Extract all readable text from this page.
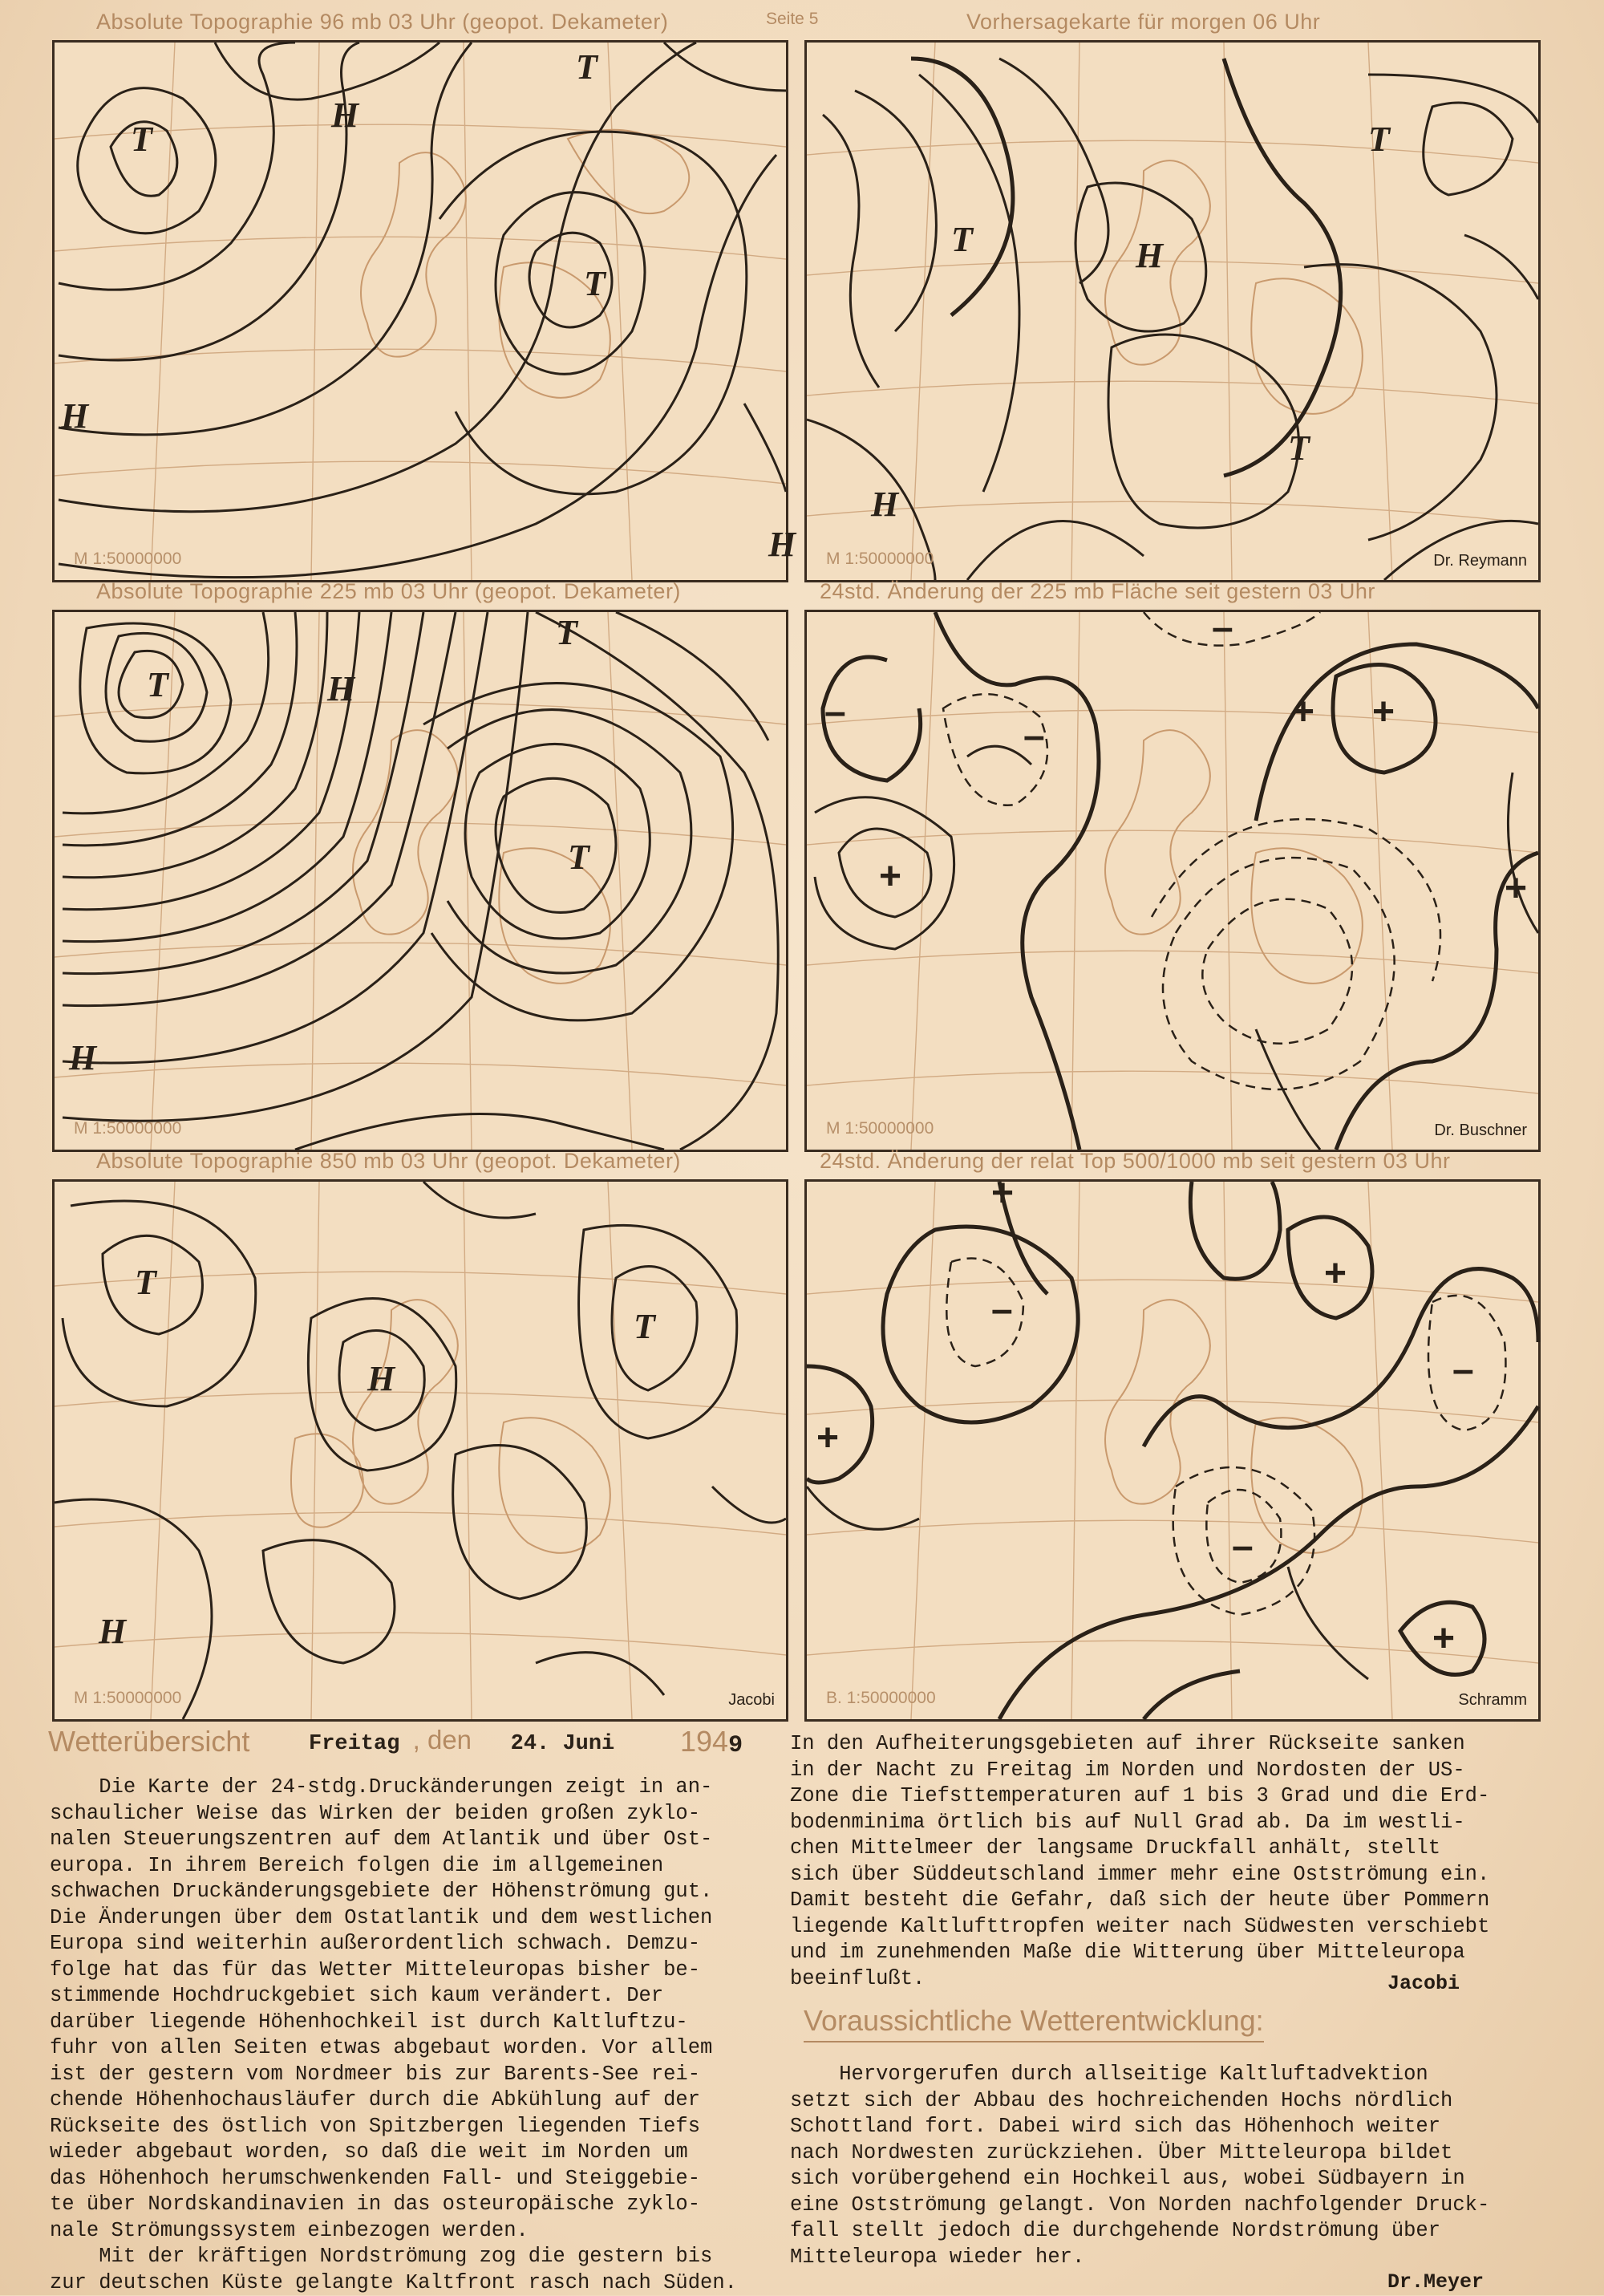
Seite 5
Absolute Topographie 96 mb 03 Uhr (geopot. Dekameter)
T
H
T
H
H
T
M 1:50000000
Vorhersagekarte für morgen 06 Uhr
T
T
H
T
H
M 1:50000000	Dr. Reymann
Absolute Topographie 225 mb 03 Uhr (geopot. Dekameter)
T	H
T
T
H
M 1:50000000
24std. Änderung der 225 mb Fläche seit gestern 03 Uhr
+
–	+
–
+
–
+
M 1:50000000	Dr. Buschner
Absolute Topographie 850 mb 03 Uhr (geopot. Dekameter)
T
H
T
H
M 1:50000000	Jacobi
24std. Änderung der relat Top 500/1000 mb seit gestern 03 Uhr
–
+
–
+
–
+
+
B. 1:50000000	Schramm
Wetterübersicht	Freitag , den 24. Juni 1949

Die Karte der 24-stdg.Druckänderungen zeigt in an-

schaulicher Weise das Wirken der beiden großen zyklo-

nalen Steuerungszentren auf dem Atlantik und über Ost-

europa. In ihrem Bereich folgen die im allgemeinen

schwachen Druckänderungsgebiete der Höhenströmung gut.

Die Änderungen über dem Ostatlantik und dem westlichen

Europa sind weiterhin außerordentlich schwach. Demzu-

folge hat das für das Wetter Mitteleuropas bisher be-

stimmende Hochdruckgebiet sich kaum verändert. Der

darüber liegende Höhenhochkeil ist durch Kaltluftzu-

fuhr von allen Seiten etwas abgebaut worden. Vor allem

ist der gestern vom Nordmeer bis zur Barents-See rei-

chende Höhenhochausläufer durch die Abkühlung auf der

Rückseite des östlich von Spitzbergen liegenden Tiefs

wieder abgebaut worden, so daß die weit im Norden um

das Höhenhoch herumschwenkenden Fall- und Steiggebie-

te über Nordskandinavien in das osteuropäische zyklo-

nale Strömungssystem einbezogen werden.

Mit der kräftigen Nordströmung zog die gestern bis

zur deutschen Küste gelangte Kaltfront rasch nach Süden.

In den Aufheiterungsgebieten auf ihrer Rückseite sanken

in der Nacht zu Freitag im Norden und Nordosten der US-

Zone die Tiefsttemperaturen auf 1 bis 3 Grad und die Erd-

bodenminima örtlich bis auf Null Grad ab. Da im westli-

chen Mittelmeer der langsame Druckfall anhält, stellt

sich über Süddeutschland immer mehr eine Ostströmung ein.

Damit besteht die Gefahr, daß sich der heute über Pommern

liegende Kaltlufttropfen weiter nach Südwesten verschiebt

und im zunehmenden Maße die Witterung über Mitteleuropa

beeinflußt.	Jacobi
Voraussichtliche Wetterentwicklung:

Hervorgerufen durch allseitige Kaltluftadvektion

setzt sich der Abbau des hochreichenden Hochs nördlich

Schottland fort. Dabei wird sich das Höhenhoch weiter

nach Nordwesten zurückziehen. Über Mitteleuropa bildet

sich vorübergehend ein Hochkeil aus, wobei Südbayern in

eine Ostströmung gelangt. Von Norden nachfolgender Druck-

fall stellt jedoch die durchgehende Nordströmung über

Mitteleuropa wieder her.

Dr.Meyer
